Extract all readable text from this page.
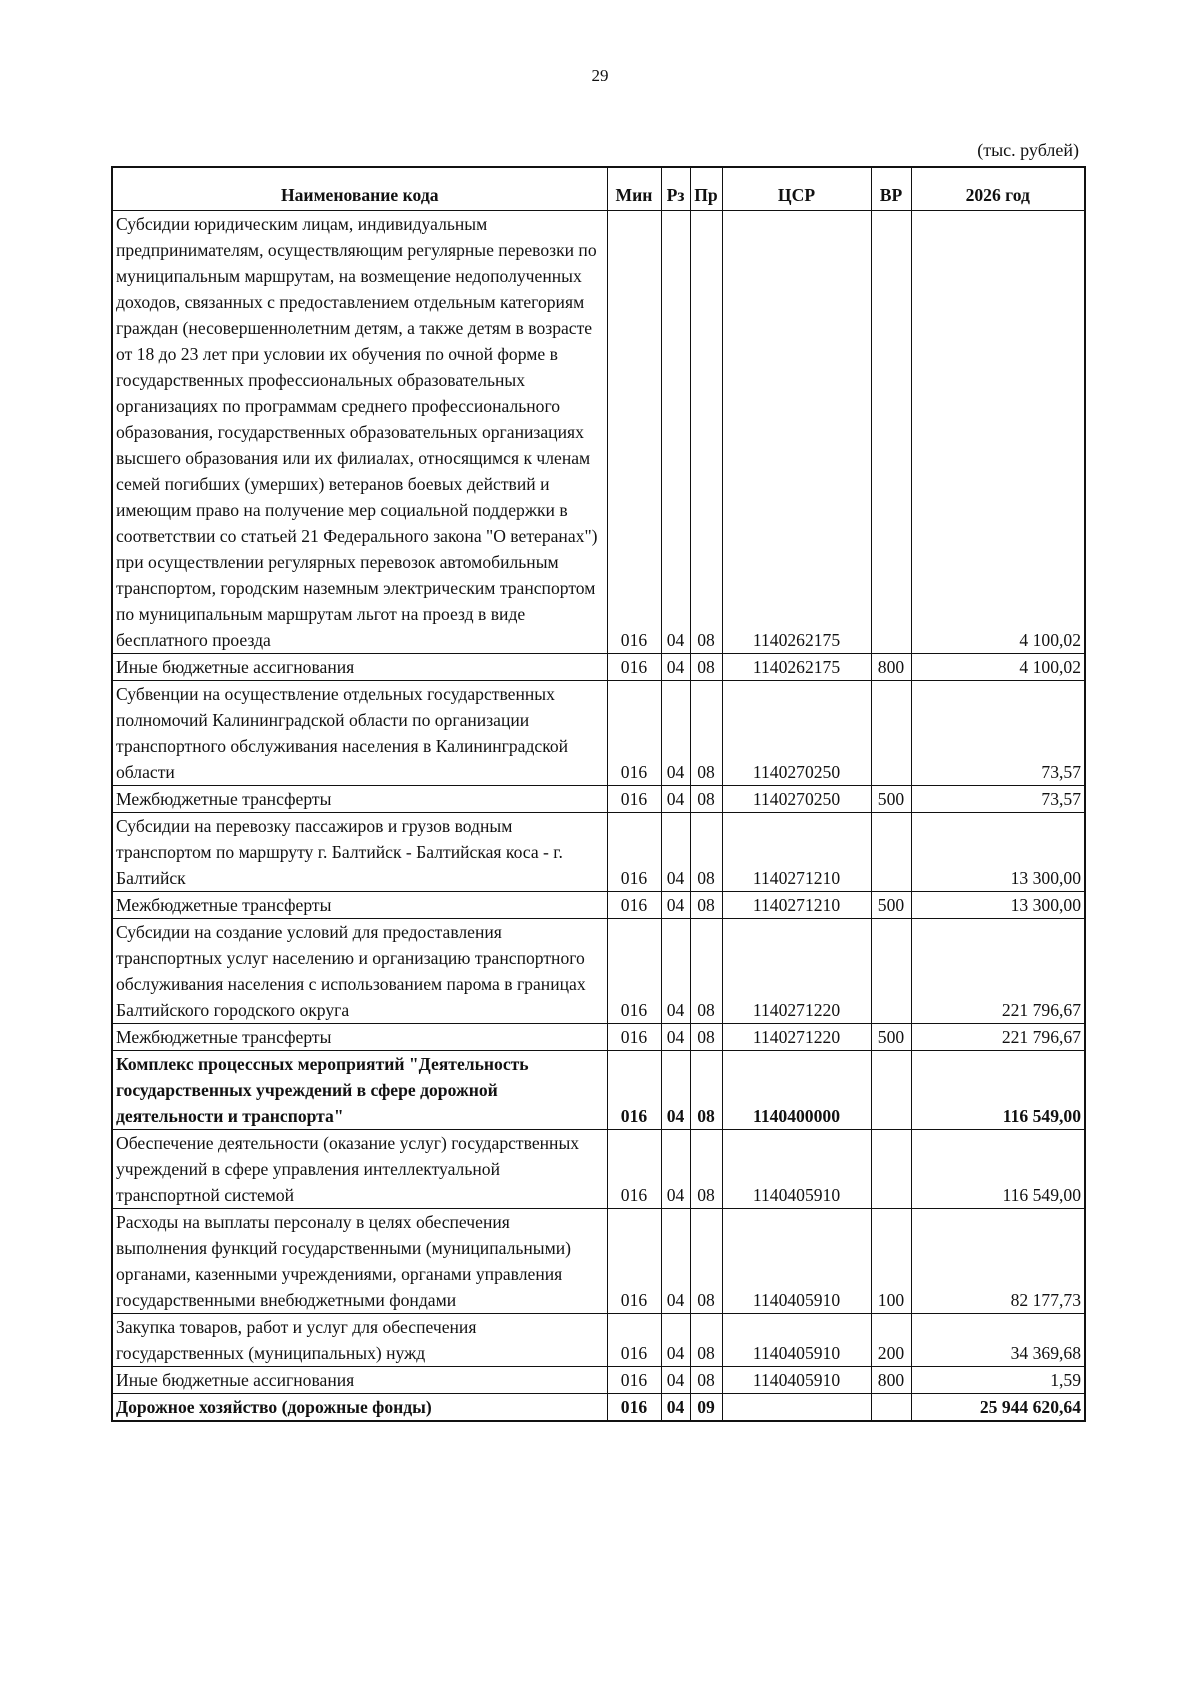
29
(тыс. рублей)
Наименование кода	Мин	Рз	Пр	ЦСР	ВР	2026 год
Субсидии юридическим лицам, индивидуальным предпринимателям, осуществляющим регулярные перевозки по муниципальным маршрутам, на возмещение недополученных доходов, связанных с предоставлением отдельным категориям граждан (несовершеннолетним детям, а также детям в возрасте от 18 до 23 лет при условии их обучения по очной форме в государственных профессиональных образовательных организациях по программам среднего профессионального образования, государственных образовательных организациях высшего образования или их филиалах, относящимся к членам семей погибших (умерших) ветеранов боевых действий и имеющим право на получение мер социальной поддержки в соответствии со статьей 21 Федерального закона "О ветеранах") при осуществлении регулярных перевозок автомобильным транспортом, городским наземным электрическим транспортом по муниципальным маршрутам льгот на проезд в виде бесплатного проезда	016	04	08	1140262175		4 100,02
Иные бюджетные ассигнования	016	04	08	1140262175	800	4 100,02
Субвенции на осуществление отдельных государственных полномочий Калининградской области по организации транспортного обслуживания населения в Калининградской области	016	04	08	1140270250		73,57
Межбюджетные трансферты	016	04	08	1140270250	500	73,57
Субсидии на перевозку пассажиров и грузов водным транспортом по маршруту г. Балтийск - Балтийская коса - г. Балтийск	016	04	08	1140271210		13 300,00
Межбюджетные трансферты	016	04	08	1140271210	500	13 300,00
Субсидии на создание условий для предоставления транспортных услуг населению и организацию транспортного обслуживания населения с использованием парома в границах Балтийского городского округа	016	04	08	1140271220		221 796,67
Межбюджетные трансферты	016	04	08	1140271220	500	221 796,67
Комплекс процессных мероприятий "Деятельность государственных учреждений в сфере дорожной деятельности и транспорта"	016	04	08	1140400000		116 549,00
Обеспечение деятельности (оказание услуг) государственных учреждений в сфере управления интеллектуальной транспортной системой	016	04	08	1140405910		116 549,00
Расходы на выплаты персоналу в целях обеспечения выполнения функций государственными (муниципальными) органами, казенными учреждениями, органами управления государственными внебюджетными фондами	016	04	08	1140405910	100	82 177,73
Закупка товаров, работ и услуг для обеспечения государственных (муниципальных) нужд	016	04	08	1140405910	200	34 369,68
Иные бюджетные ассигнования	016	04	08	1140405910	800	1,59
Дорожное хозяйство (дорожные фонды)	016	04	09			25 944 620,64
